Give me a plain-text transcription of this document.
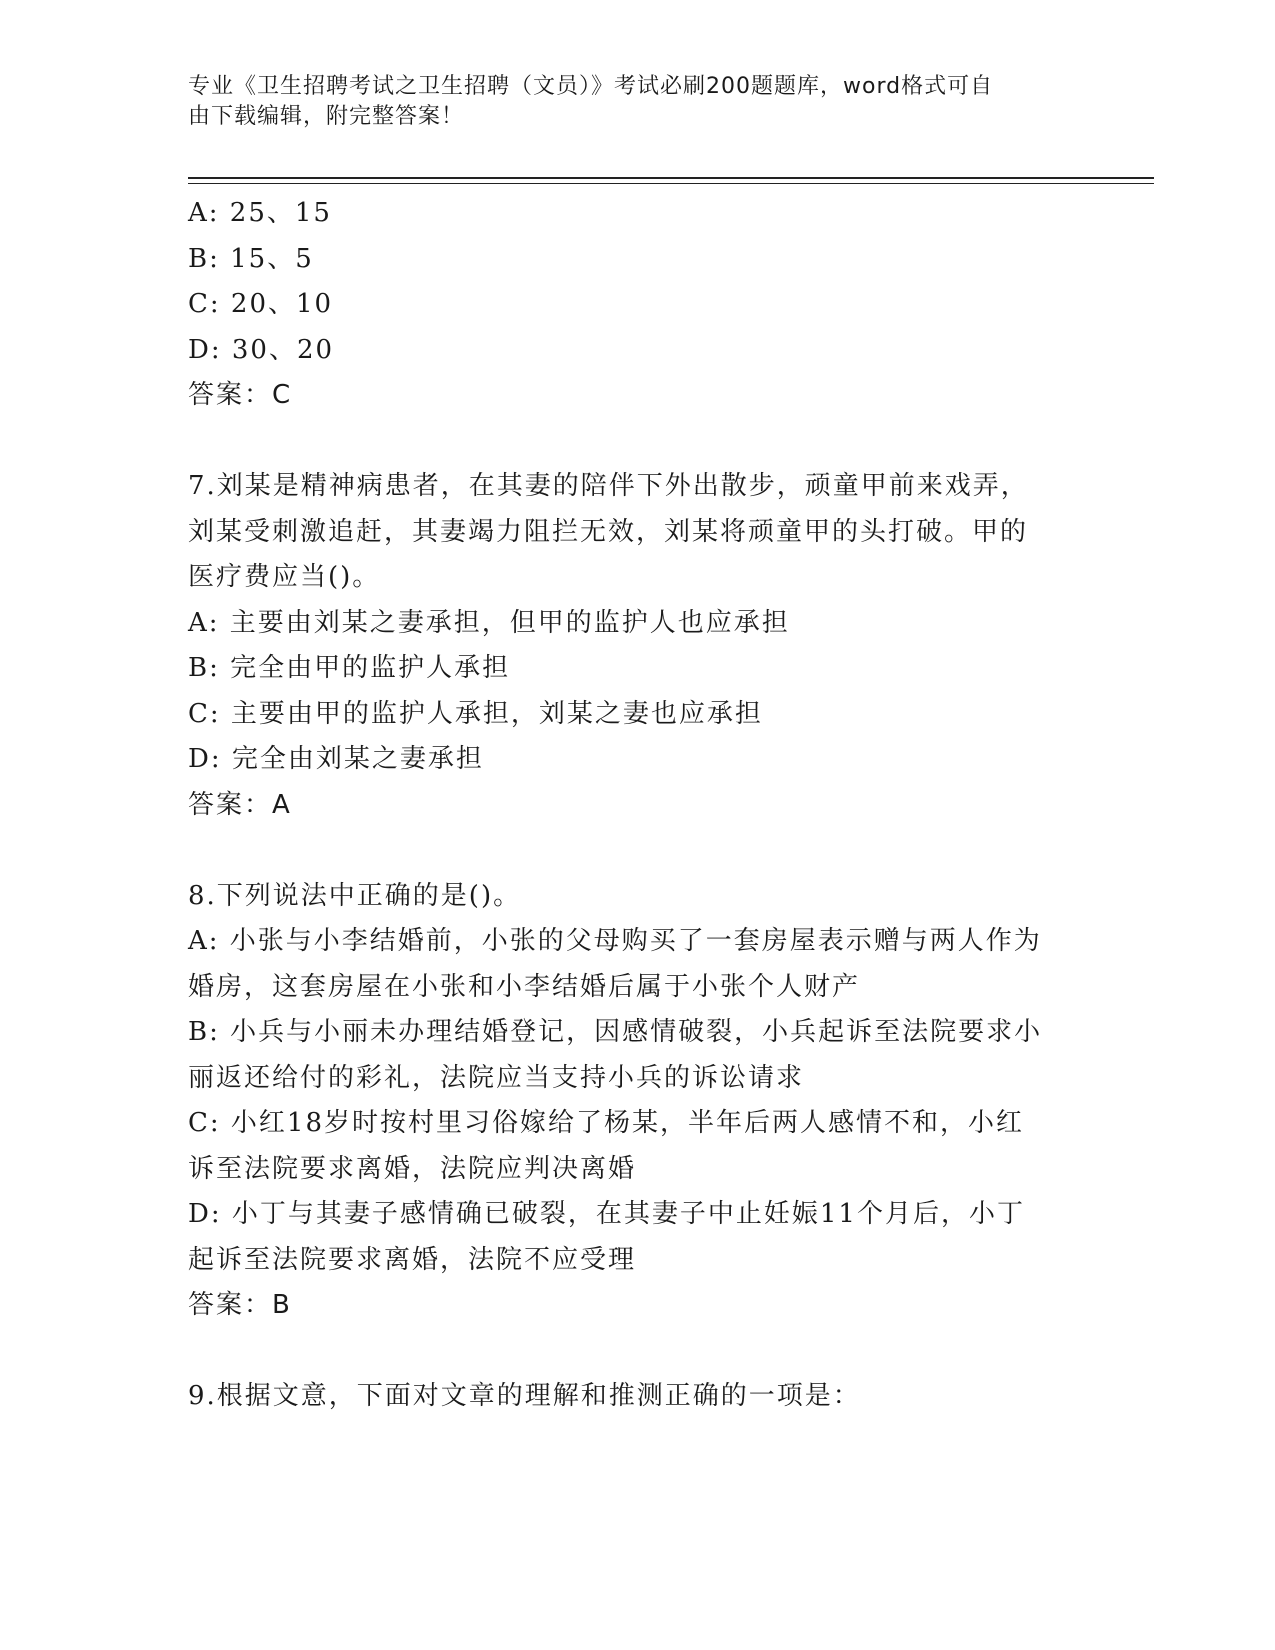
专业《卫生招聘考试之卫生招聘（文员）》考试必刷200题题库，word格式可自
由下载编辑，附完整答案！
A: 25、15
B: 15、5
C: 20、10
D: 30、20
答案：C
7.刘某是精神病患者，在其妻的陪伴下外出散步，顽童甲前来戏弄，
刘某受刺激追赶，其妻竭力阻拦无效，刘某将顽童甲的头打破。甲的
医疗费应当()。
A: 主要由刘某之妻承担，但甲的监护人也应承担
B: 完全由甲的监护人承担
C: 主要由甲的监护人承担，刘某之妻也应承担
D: 完全由刘某之妻承担
答案：A
8.下列说法中正确的是()。
A: 小张与小李结婚前，小张的父母购买了一套房屋表示赠与两人作为
婚房，这套房屋在小张和小李结婚后属于小张个人财产
B: 小兵与小丽未办理结婚登记，因感情破裂，小兵起诉至法院要求小
丽返还给付的彩礼，法院应当支持小兵的诉讼请求
C: 小红18岁时按村里习俗嫁给了杨某，半年后两人感情不和，小红
诉至法院要求离婚，法院应判决离婚
D: 小丁与其妻子感情确已破裂，在其妻子中止妊娠11个月后，小丁
起诉至法院要求离婚，法院不应受理
答案：B
9.根据文意，下面对文章的理解和推测正确的一项是：
